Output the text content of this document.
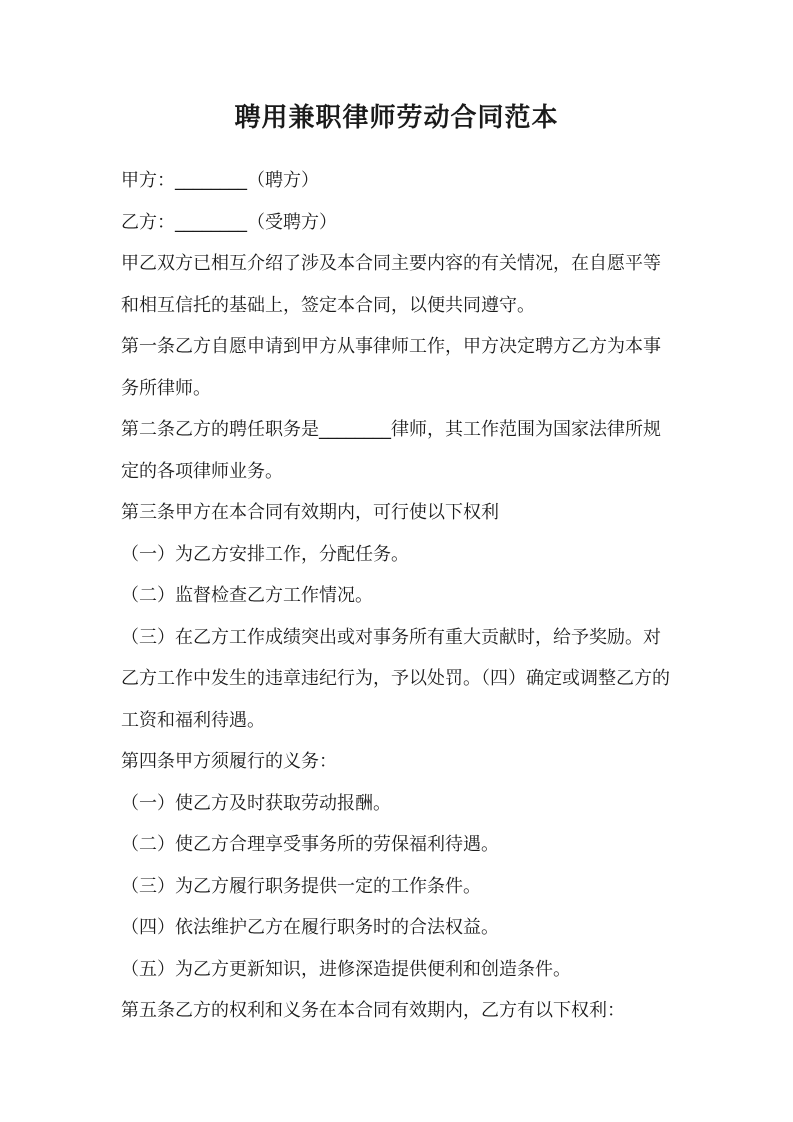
聘用兼职律师劳动合同范本

甲方：________（聘方）

乙方：________（受聘方）

甲乙双方已相互介绍了涉及本合同主要内容的有关情况，在自愿平等和相互信托的基础上，签定本合同，以便共同遵守。

第一条乙方自愿申请到甲方从事律师工作，甲方决定聘方乙方为本事务所律师。

第二条乙方的聘任职务是________律师，其工作范围为国家法律所规定的各项律师业务。

第三条甲方在本合同有效期内，可行使以下权利

（一）为乙方安排工作，分配任务。

（二）监督检查乙方工作情况。

（三）在乙方工作成绩突出或对事务所有重大贡献时，给予奖励。对乙方工作中发生的违章违纪行为，予以处罚。（四）确定或调整乙方的工资和福利待遇。

第四条甲方须履行的义务：

（一）使乙方及时获取劳动报酬。

（二）使乙方合理享受事务所的劳保福利待遇。

（三）为乙方履行职务提供一定的工作条件。

（四）依法维护乙方在履行职务时的合法权益。

（五）为乙方更新知识，进修深造提供便利和创造条件。

第五条乙方的权利和义务在本合同有效期内，乙方有以下权利：
